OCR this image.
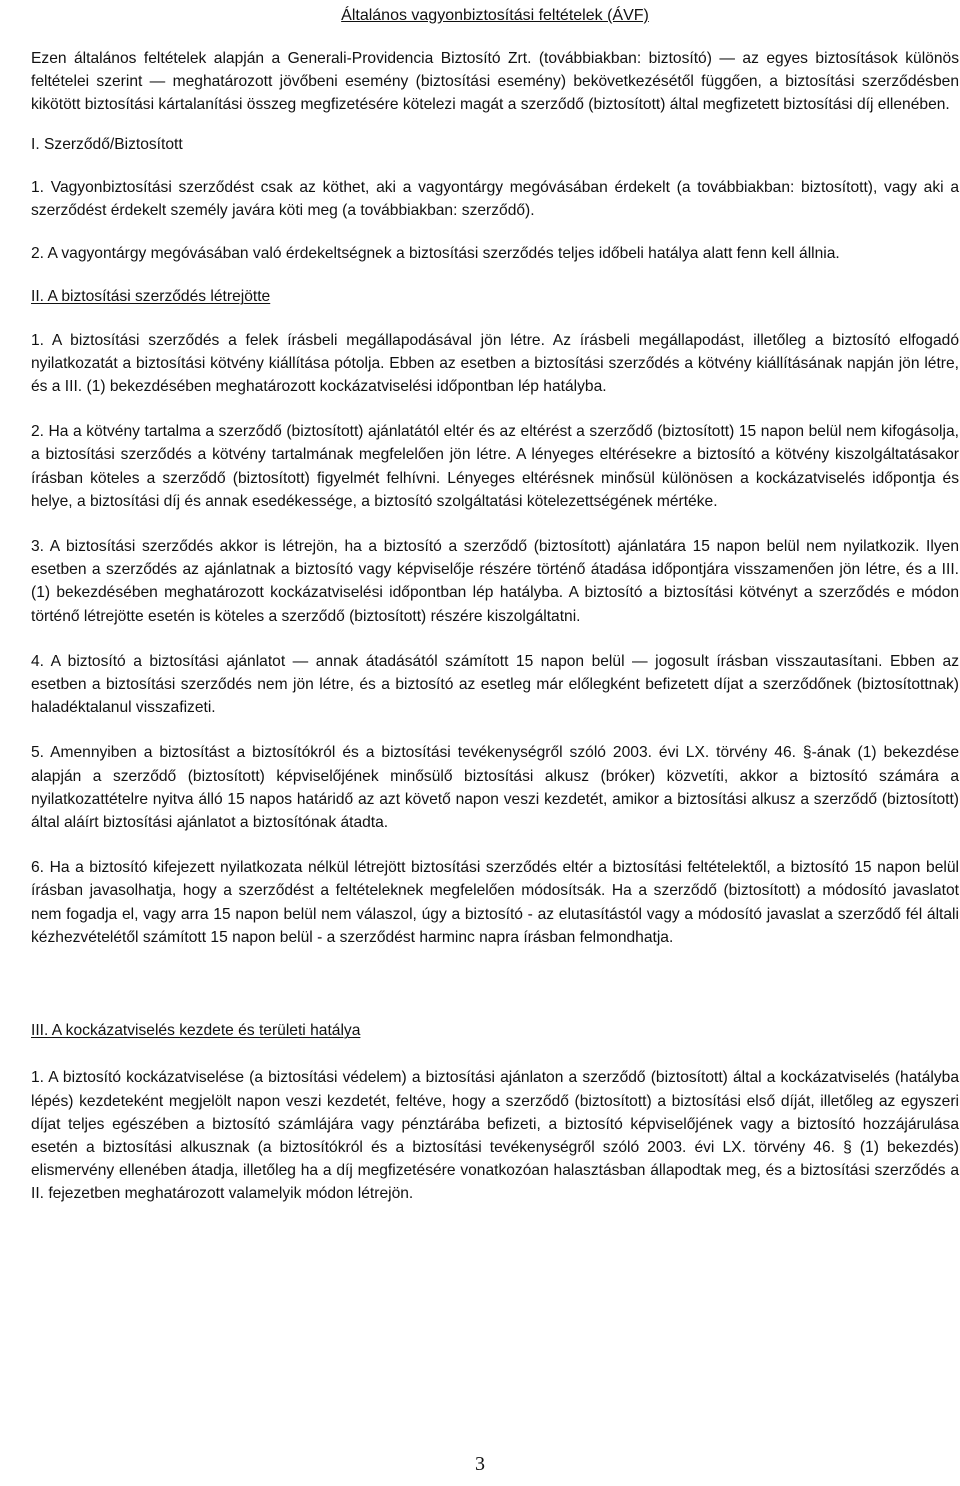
Általános vagyonbiztosítási feltételek (ÁVF)

Ezen általános feltételek alapján a Generali-Providencia Biztosító Zrt. (továbbiakban: biztosító) — az egyes biztosítások különös feltételei szerint — meghatározott jövőbeni esemény (biztosítási esemény) bekövetkezésétől függően, a biztosítási szerződésben kikötött biztosítási kártalanítási összeg megfizetésére kötelezi magát a szerződő (biztosított) által megfizetett biztosítási díj ellenében.

I. Szerződő/Biztosított

1. Vagyonbiztosítási szerződést csak az köthet, aki a vagyontárgy megóvásában érdekelt (a továbbiakban: biztosított), vagy aki a szerződést érdekelt személy javára köti meg (a továbbiakban: szerződő).

2. A vagyontárgy megóvásában való érdekeltségnek a biztosítási szerződés teljes időbeli hatálya alatt fenn kell állnia.

II. A biztosítási szerződés létrejötte

1. A biztosítási szerződés a felek írásbeli megállapodásával jön létre. Az írásbeli megállapodást, illetőleg a biztosító elfogadó nyilatkozatát a biztosítási kötvény kiállítása pótolja. Ebben az esetben a biztosítási szerződés a kötvény kiállításának napján jön létre, és a III. (1) bekezdésében meghatározott kockázatviselési időpontban lép hatályba.

2. Ha a kötvény tartalma a szerződő (biztosított) ajánlatától eltér és az eltérést a szerződő (biztosított) 15 napon belül nem kifogásolja, a biztosítási szerződés a kötvény tartalmának megfelelően jön létre. A lényeges eltérésekre a biztosító a kötvény kiszolgáltatásakor írásban köteles a szerződő (biztosított) figyelmét felhívni. Lényeges eltérésnek minősül különösen a kockázatviselés időpontja és helye, a biztosítási díj és annak esedékessége, a biztosító szolgáltatási kötelezettségének mértéke.

3. A biztosítási szerződés akkor is létrejön, ha a biztosító a szerződő (biztosított) ajánlatára 15 napon belül nem nyilatkozik. Ilyen esetben a szerződés az ajánlatnak a biztosító vagy képviselője részére történő átadása időpontjára visszamenően jön létre, és a III. (1) bekezdésében meghatározott kockázatviselési időpontban lép hatályba. A biztosító a biztosítási kötvényt a szerződés e módon történő létrejötte esetén is köteles a szerződő (biztosított) részére kiszolgáltatni.

4. A biztosító a biztosítási ajánlatot — annak átadásától számított 15 napon belül — jogosult írásban visszautasítani. Ebben az esetben a biztosítási szerződés nem jön létre, és a biztosító az esetleg már előlegként befizetett díjat a szerződőnek (biztosítottnak) haladéktalanul visszafizeti.

5. Amennyiben a biztosítást a biztosítókról és a biztosítási tevékenységről szóló 2003. évi LX. törvény 46. §-ának (1) bekezdése alapján a szerződő (biztosított) képviselőjének minősülő biztosítási alkusz (bróker) közvetíti, akkor a biztosító számára a nyilatkozattételre nyitva álló 15 napos határidő az azt követő napon veszi kezdetét, amikor a biztosítási alkusz a szerződő (biztosított) által aláírt biztosítási ajánlatot a biztosítónak átadta.

6. Ha a biztosító kifejezett nyilatkozata nélkül létrejött biztosítási szerződés eltér a biztosítási feltételektől, a biztosító 15 napon belül írásban javasolhatja, hogy a szerződést a feltételeknek megfelelően módosítsák. Ha a szerződő (biztosított) a módosító javaslatot nem fogadja el, vagy arra 15 napon belül nem válaszol, úgy a biztosító - az elutasítástól vagy a módosító javaslat a szerződő fél általi kézhezvételétől számított 15 napon belül - a szerződést harminc napra írásban felmondhatja.

III. A kockázatviselés kezdete és területi hatálya

1. A biztosító kockázatviselése (a biztosítási védelem) a biztosítási ajánlaton a szerződő (biztosított) által a kockázatviselés (hatályba lépés) kezdeteként megjelölt napon veszi kezdetét, feltéve, hogy a szerződő (biztosított) a biztosítási első díját, illetőleg az egyszeri díjat teljes egészében a biztosító számlájára vagy pénztárába befizeti, a biztosító képviselőjének vagy a biztosító hozzájárulása esetén a biztosítási alkusznak (a biztosítókról és a biztosítási tevékenységről szóló 2003. évi LX. törvény 46. § (1) bekezdés) elismervény ellenében átadja, illetőleg ha a díj megfizetésére vonatkozóan halasztásban állapodtak meg, és a biztosítási szerződés a II. fejezetben meghatározott valamelyik módon létrejön.

3
